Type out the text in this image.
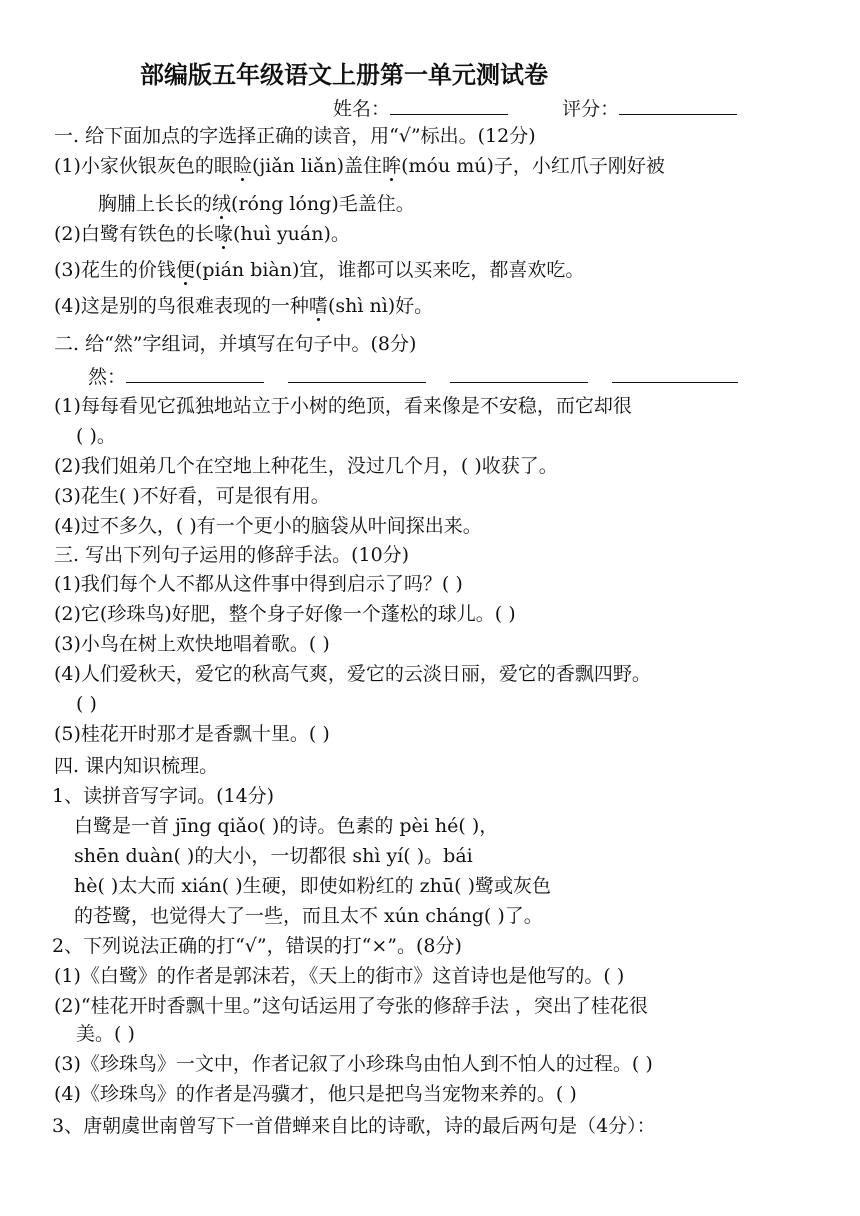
部编版五年级语文上册第一单元测试卷
姓名：	评分：
一. 给下面加点的字选择正确的读音，用“√”标出。(12分)
(1)小家伙银灰色的眼睑(jiǎn liǎn)盖住眸(móu mú)子，小红爪子刚好被
胸脯上长长的绒(róng lóng)毛盖住。
(2)白鹭有铁色的长喙(huì yuán)。
(3)花生的价钱便(pián biàn)宜，谁都可以买来吃，都喜欢吃。
(4)这是别的鸟很难表现的一种嗜(shì nì)好。
二. 给“然”字组词，并填写在句子中。(8分)
然：
(1)每每看见它孤独地站立于小树的绝顶，看来像是不安稳，而它却很
( )。
(2)我们姐弟几个在空地上种花生，没过几个月，( )收获了。
(3)花生( )不好看，可是很有用。
(4)过不多久，( )有一个更小的脑袋从叶间探出来。
三. 写出下列句子运用的修辞手法。(10分)
(1)我们每个人不都从这件事中得到启示了吗？( )
(2)它(珍珠鸟)好肥，整个身子好像一个蓬松的球儿。( )
(3)小鸟在树上欢快地唱着歌。( )
(4)人们爱秋天，爱它的秋高气爽，爱它的云淡日丽，爱它的香飘四野。
( )
(5)桂花开时那才是香飘十里。( )
四. 课内知识梳理。
1、读拼音写字词。(14分)
白鹭是一首 jīng qiǎo( )的诗。色素的 pèi hé( )，
shēn duàn( )的大小，一切都很 shì yí( )。bái
hè( )太大而 xián( )生硬，即使如粉红的 zhū( )鹭或灰色
的苍鹭，也觉得大了一些，而且太不 xún cháng( )了。
2、下列说法正确的打“√”，错误的打“×”。(8分)
(1)《白鹭》的作者是郭沫若，《天上的街市》这首诗也是他写的。( )
(2)“桂花开时香飘十里。”这句话运用了夸张的修辞手法 ，突出了桂花很
美。( )
(3)《珍珠鸟》一文中，作者记叙了小珍珠鸟由怕人到不怕人的过程。( )
(4)《珍珠鸟》的作者是冯骥才，他只是把鸟当宠物来养的。( )
3、唐朝虞世南曾写下一首借蝉来自比的诗歌，诗的最后两句是（4分）：
